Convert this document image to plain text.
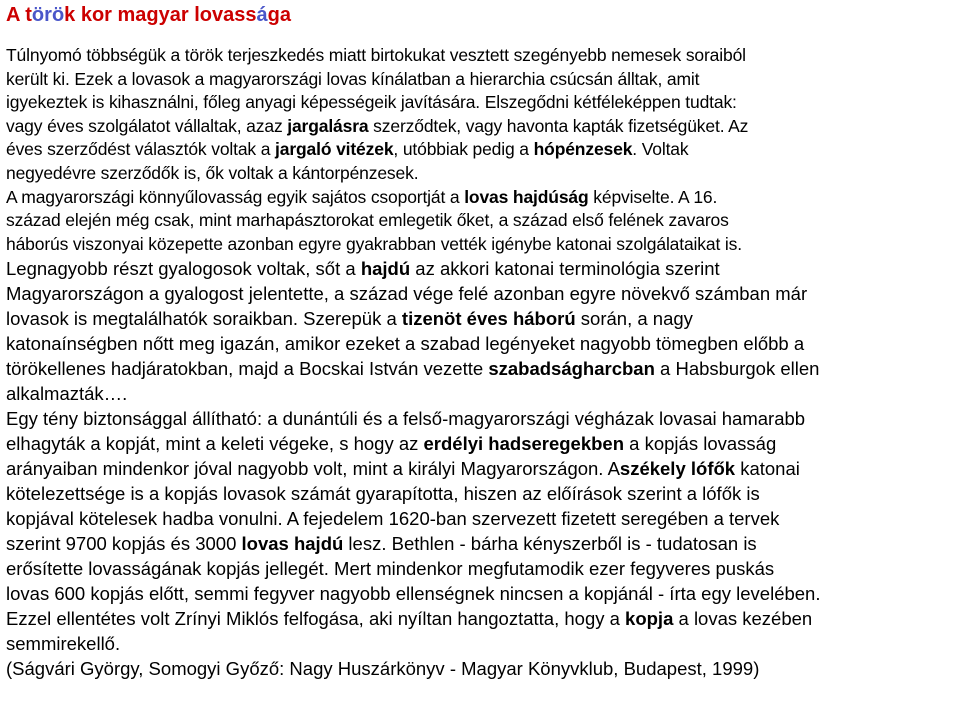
A török kor magyar lovassága
Túlnyomó többségük a török terjeszkedés miatt birtokukat vesztett szegényebb nemesek soraiból
került ki. Ezek a lovasok a magyarországi lovas kínálatban a hierarchia csúcsán álltak, amit
igyekeztek is kihasználni, főleg anyagi képességeik javítására. Elszegődni kétféleképpen tudtak:
vagy éves szolgálatot vállaltak, azaz jargalásra szerződtek, vagy havonta kapták fizetségüket. Az
éves szerződést választók voltak a jargaló vitézek, utóbbiak pedig a hópénzesek. Voltak
negyedévre szerződők is, ők voltak a kántorpénzesek.
A magyarországi könnyűlovasság egyik sajátos csoportját a lovas hajdúság képviselte. A 16.
század elején még csak, mint marhapásztorokat emlegetik őket, a század első felének zavaros
háborús viszonyai közepette azonban egyre gyakrabban vették igénybe katonai szolgálataikat is.
Legnagyobb részt gyalogosok voltak, sőt a hajdú az akkori katonai terminológia szerint
Magyarországon a gyalogost jelentette, a század vége felé azonban egyre növekvő számban már
lovasok is megtalálhatók soraikban. Szerepük a tizenöt éves háború során, a nagy
katonaínségben nőtt meg igazán, amikor ezeket a szabad legényeket nagyobb tömegben előbb a
törökellenes hadjáratokban, majd a Bocskai István vezette szabadságharcban a Habsburgok ellen
alkalmazták….
Egy tény biztonsággal állítható: a dunántúli és a felső-magyarországi végházak lovasai hamarabb
elhagyták a kopját, mint a keleti végeke, s hogy az erdélyi hadseregekben a kopjás lovasság
arányaiban mindenkor jóval nagyobb volt, mint a királyi Magyarországon. Aszékely lófők katonai
kötelezettsége is a kopjás lovasok számát gyarapította, hiszen az előírások szerint a lófők is
kopjával kötelesek hadba vonulni. A fejedelem 1620-ban szervezett fizetett seregében a tervek
szerint 9700 kopjás és 3000 lovas hajdú lesz. Bethlen - bárha kényszerből is - tudatosan is
erősítette lovasságának kopjás jellegét. Mert mindenkor megfutamodik ezer fegyveres puskás
lovas 600 kopjás előtt, semmi fegyver nagyobb ellenségnek nincsen a kopjánál - írta egy levelében.
Ezzel ellentétes volt Zrínyi Miklós felfogása, aki nyíltan hangoztatta, hogy a kopja a lovas kezében
semmirekellő.
(Ságvári György, Somogyi Győző: Nagy Huszárkönyv - Magyar Könyvklub, Budapest, 1999)
